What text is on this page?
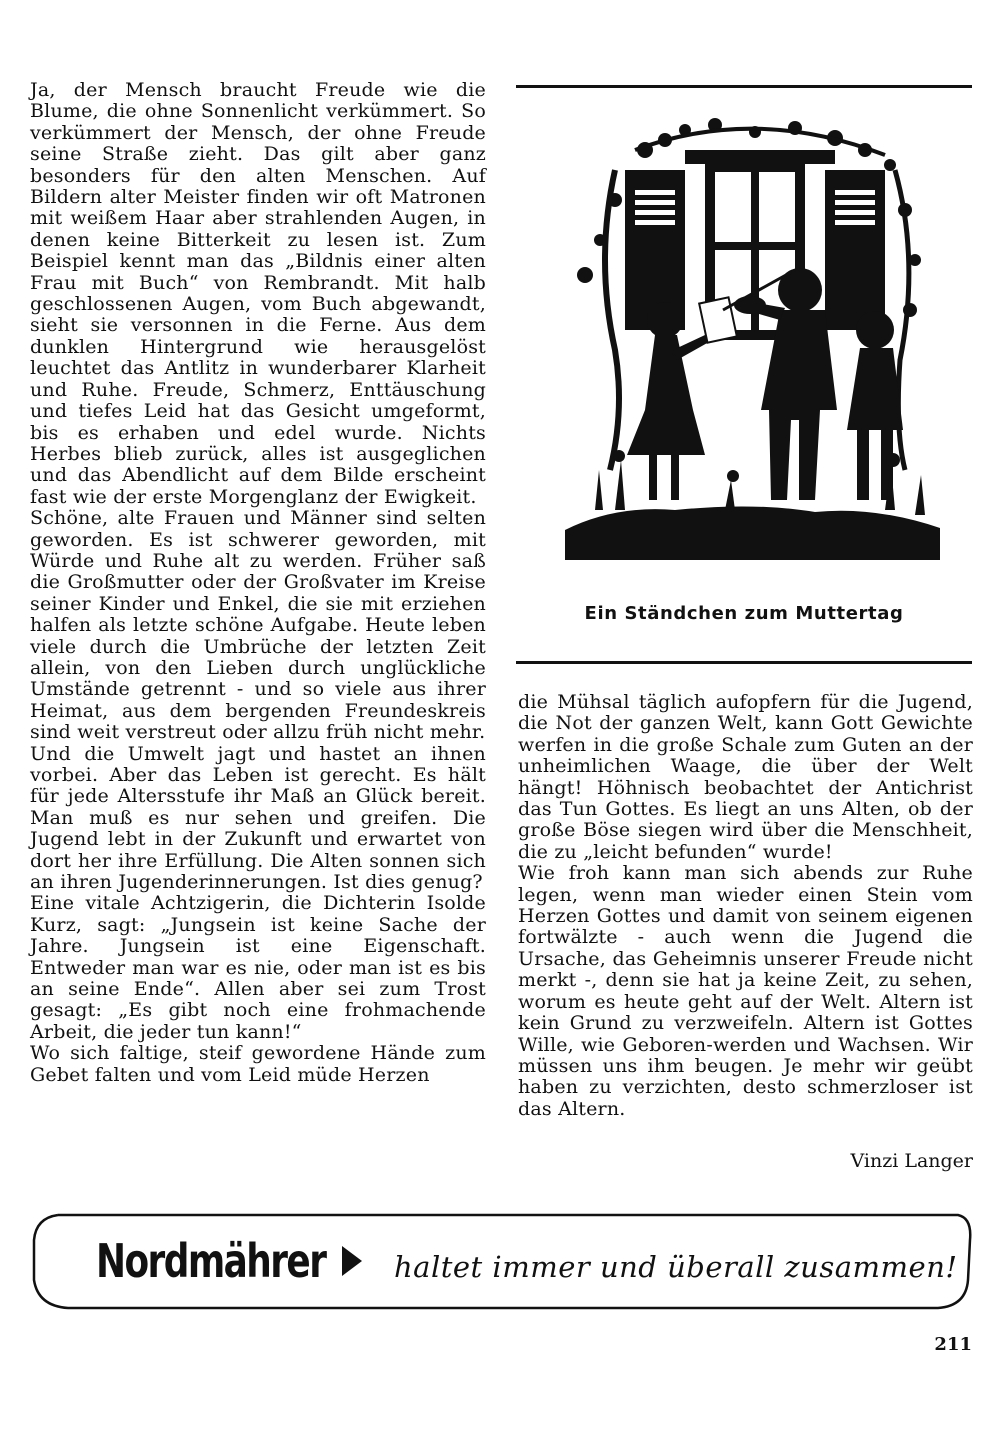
Ja, der Mensch braucht Freude wie die Blume, die ohne Sonnenlicht verkümmert. So verkümmert der Mensch, der ohne Freude seine Straße zieht. Das gilt aber ganz besonders für den alten Menschen. Auf Bildern alter Meister finden wir oft Matronen mit weißem Haar aber strahlenden Augen, in denen keine Bitterkeit zu lesen ist. Zum Beispiel kennt man das „Bildnis einer alten Frau mit Buch“ von Rembrandt. Mit halb geschlossenen Augen, vom Buch abgewandt, sieht sie versonnen in die Ferne. Aus dem dunklen Hintergrund wie herausgelöst leuchtet das Antlitz in wunderbarer Klarheit und Ruhe. Freude, Schmerz, Enttäuschung und tiefes Leid hat das Gesicht umgeformt, bis es erhaben und edel wurde. Nichts Herbes blieb zurück, alles ist ausgeglichen und das Abendlicht auf dem Bilde erscheint fast wie der erste Morgenglanz der Ewigkeit.

Schöne, alte Frauen und Männer sind selten geworden. Es ist schwerer geworden, mit Würde und Ruhe alt zu werden. Früher saß die Großmutter oder der Großvater im Kreise seiner Kinder und Enkel, die sie mit erziehen halfen als letzte schöne Aufgabe. Heute leben viele durch die Umbrüche der letzten Zeit allein, von den Lieben durch unglückliche Umstände getrennt - und so viele aus ihrer Heimat, aus dem bergenden Freundeskreis sind weit verstreut oder allzu früh nicht mehr.

Und die Umwelt jagt und hastet an ihnen vorbei. Aber das Leben ist gerecht. Es hält für jede Altersstufe ihr Maß an Glück bereit. Man muß es nur sehen und greifen. Die Jugend lebt in der Zukunft und erwartet von dort her ihre Erfüllung. Die Alten sonnen sich an ihren Jugenderinnerungen. Ist dies genug?

Eine vitale Achtzigerin, die Dichterin Isolde Kurz, sagt: „Jungsein ist keine Sache der Jahre. Jungsein ist eine Eigenschaft. Entweder man war es nie, oder man ist es bis an seine Ende“. Allen aber sei zum Trost gesagt: „Es gibt noch eine frohmachende Arbeit, die jeder tun kann!“

Wo sich faltige, steif gewordene Hände zum Gebet falten und vom Leid müde Herzen

Ein Ständchen zum Muttertag

die Mühsal täglich aufopfern für die Jugend, die Not der ganzen Welt, kann Gott Gewichte werfen in die große Schale zum Guten an der unheimlichen Waage, die über der Welt hängt! Höhnisch beobachtet der Antichrist das Tun Gottes. Es liegt an uns Alten, ob der große Böse siegen wird über die Menschheit, die zu „leicht befunden“ wurde!

Wie froh kann man sich abends zur Ruhe legen, wenn man wieder einen Stein vom Herzen Gottes und damit von seinem eigenen fortwälzte - auch wenn die Jugend die Ursache, das Geheimnis unserer Freude nicht merkt -, denn sie hat ja keine Zeit, zu sehen, worum es heute geht auf der Welt. Altern ist kein Grund zu verzweifeln. Altern ist Gottes Wille, wie Geboren-werden und Wachsen. Wir müssen uns ihm beugen. Je mehr wir geübt haben zu verzichten, desto schmerzloser ist das Altern.

Vinzi Langer
Nordmährer haltet immer und überall zusammen!
211
